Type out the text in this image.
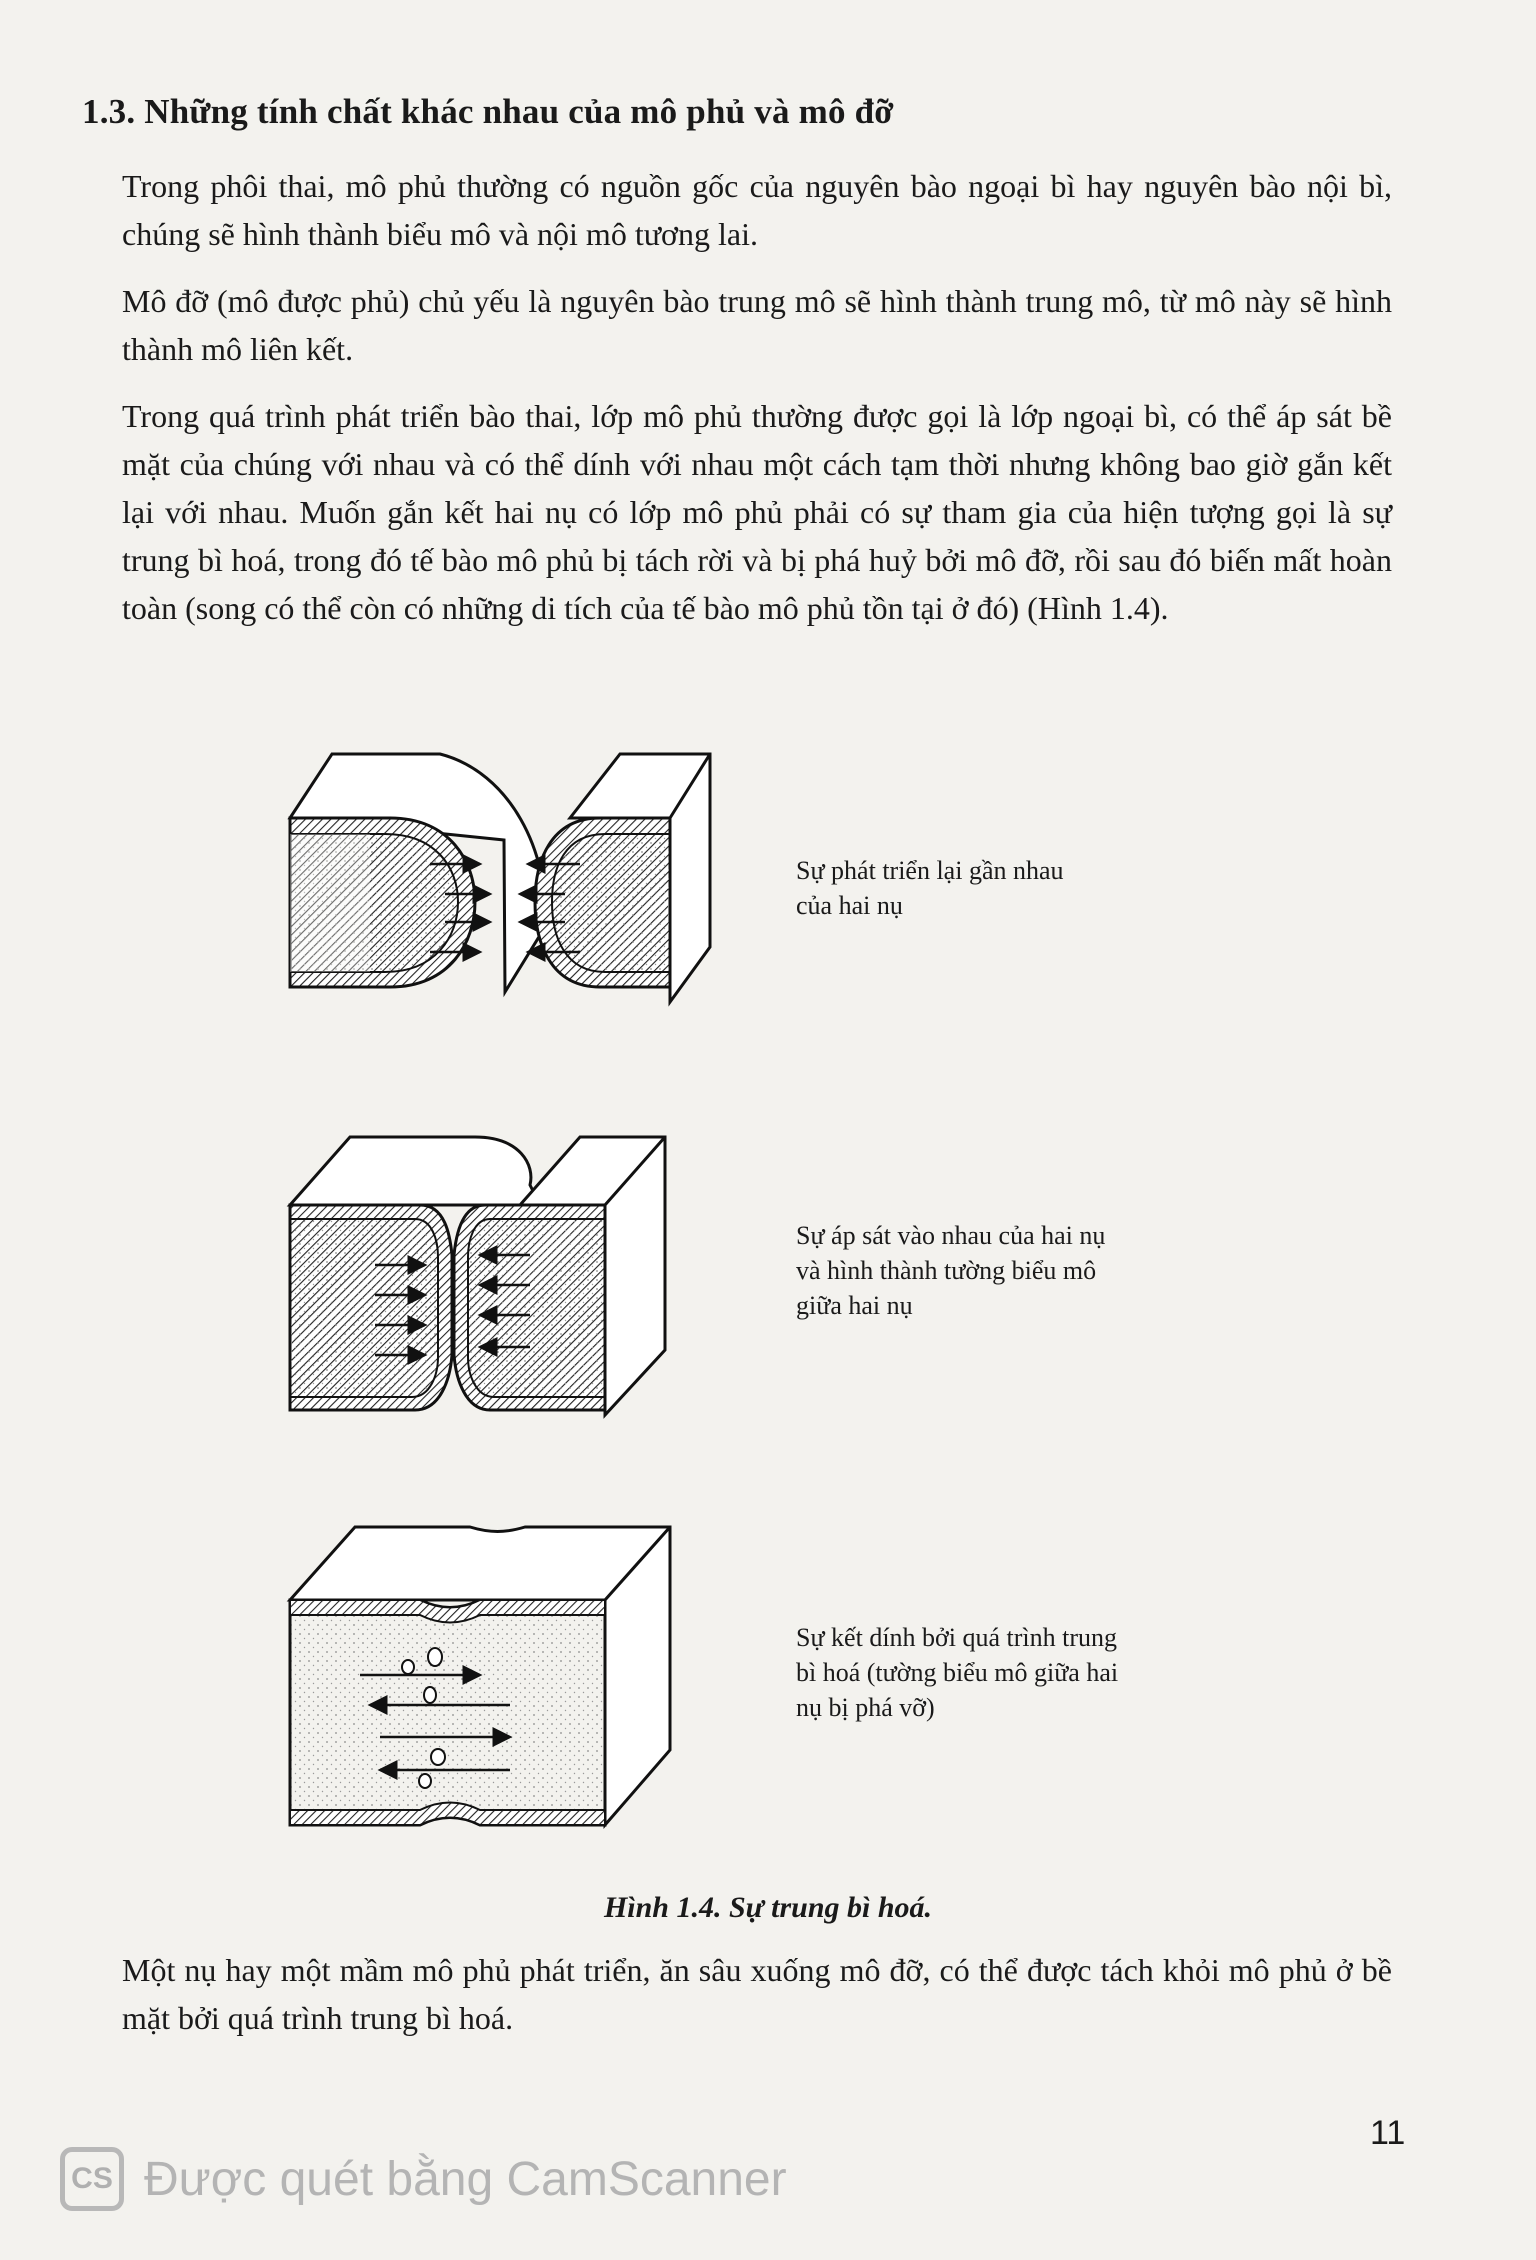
1.3. Những tính chất khác nhau của mô phủ và mô đỡ

Trong phôi thai, mô phủ thường có nguồn gốc của nguyên bào ngoại bì hay nguyên bào nội bì, chúng sẽ hình thành biểu mô và nội mô tương lai.

Mô đỡ (mô được phủ) chủ yếu là nguyên bào trung mô sẽ hình thành trung mô, từ mô này sẽ hình thành mô liên kết.

Trong quá trình phát triển bào thai, lớp mô phủ thường được gọi là lớp ngoại bì, có thể áp sát bề mặt của chúng với nhau và có thể dính với nhau một cách tạm thời nhưng không bao giờ gắn kết lại với nhau. Muốn gắn kết hai nụ có lớp mô phủ phải có sự tham gia của hiện tượng gọi là sự trung bì hoá, trong đó tế bào mô phủ bị tách rời và bị phá huỷ bởi mô đỡ, rồi sau đó biến mất hoàn toàn (song có thể còn có những di tích của tế bào mô phủ tồn tại ở đó) (Hình 1.4).

Sự phát triển lại gần nhau
của hai nụ
Sự áp sát vào nhau của hai nụ
và hình thành tường biểu mô
giữa hai nụ
Sự kết dính bởi quá trình trung
bì hoá (tường biểu mô giữa hai
nụ bị phá vỡ)
Hình 1.4. Sự trung bì hoá.

Một nụ hay một mầm mô phủ phát triển, ăn sâu xuống mô đỡ, có thể được tách khỏi mô phủ ở bề mặt bởi quá trình trung bì hoá.

11
CS Được quét bằng CamScanner
